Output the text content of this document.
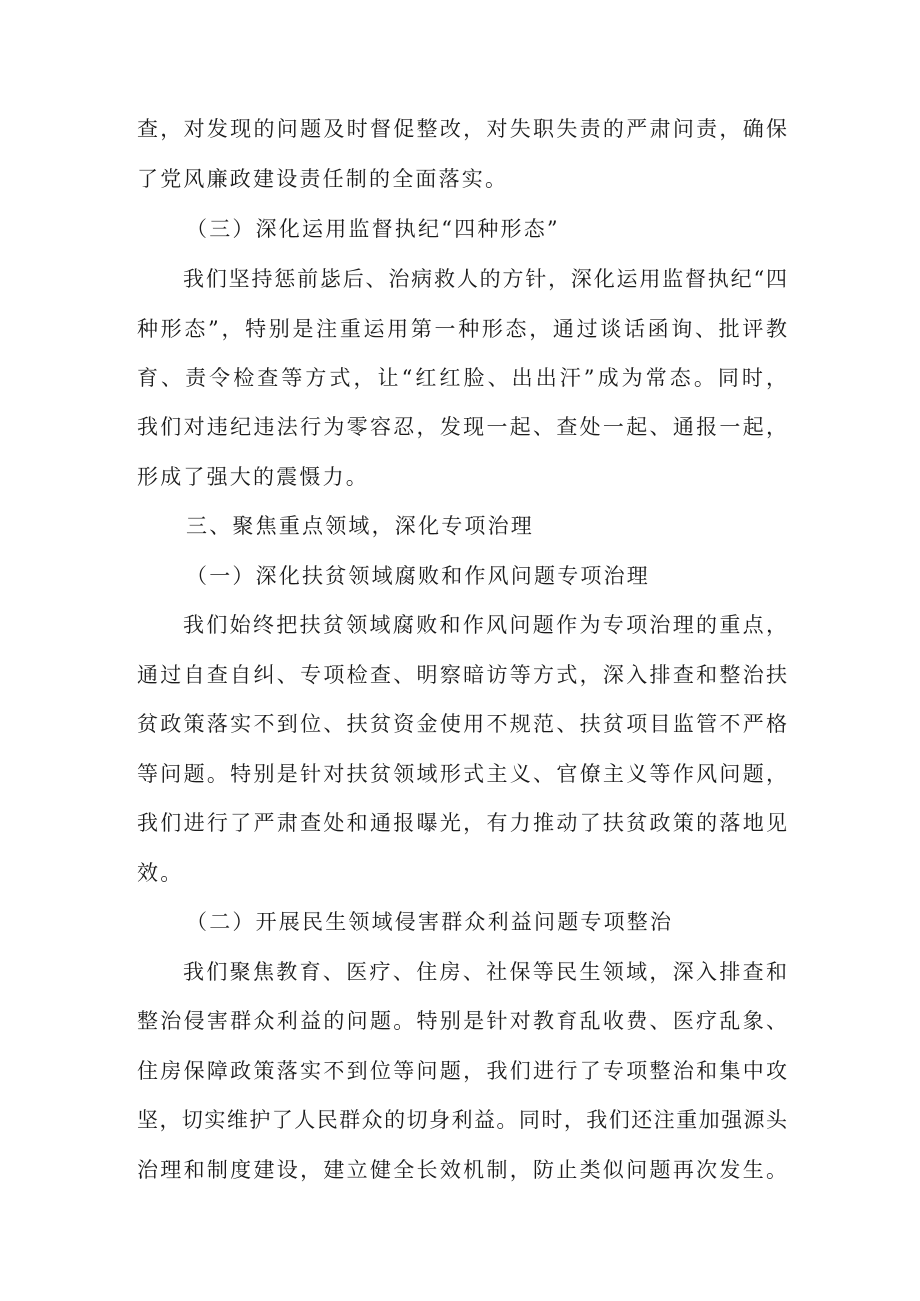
查，对发现的问题及时督促整改，对失职失责的严肃问责，确保
了党风廉政建设责任制的全面落实。
（三）深化运用监督执纪“四种形态”
我们坚持惩前毖后、治病救人的方针，深化运用监督执纪“四
种形态”，特别是注重运用第一种形态，通过谈话函询、批评教
育、责令检查等方式，让“红红脸、出出汗”成为常态。同时，
我们对违纪违法行为零容忍，发现一起、查处一起、通报一起，
形成了强大的震慑力。
三、聚焦重点领域，深化专项治理
（一）深化扶贫领域腐败和作风问题专项治理
我们始终把扶贫领域腐败和作风问题作为专项治理的重点，
通过自查自纠、专项检查、明察暗访等方式，深入排查和整治扶
贫政策落实不到位、扶贫资金使用不规范、扶贫项目监管不严格
等问题。特别是针对扶贫领域形式主义、官僚主义等作风问题，
我们进行了严肃查处和通报曝光，有力推动了扶贫政策的落地见
效。
（二）开展民生领域侵害群众利益问题专项整治
我们聚焦教育、医疗、住房、社保等民生领域，深入排查和
整治侵害群众利益的问题。特别是针对教育乱收费、医疗乱象、
住房保障政策落实不到位等问题，我们进行了专项整治和集中攻
坚，切实维护了人民群众的切身利益。同时，我们还注重加强源头
治理和制度建设，建立健全长效机制，防止类似问题再次发生。
